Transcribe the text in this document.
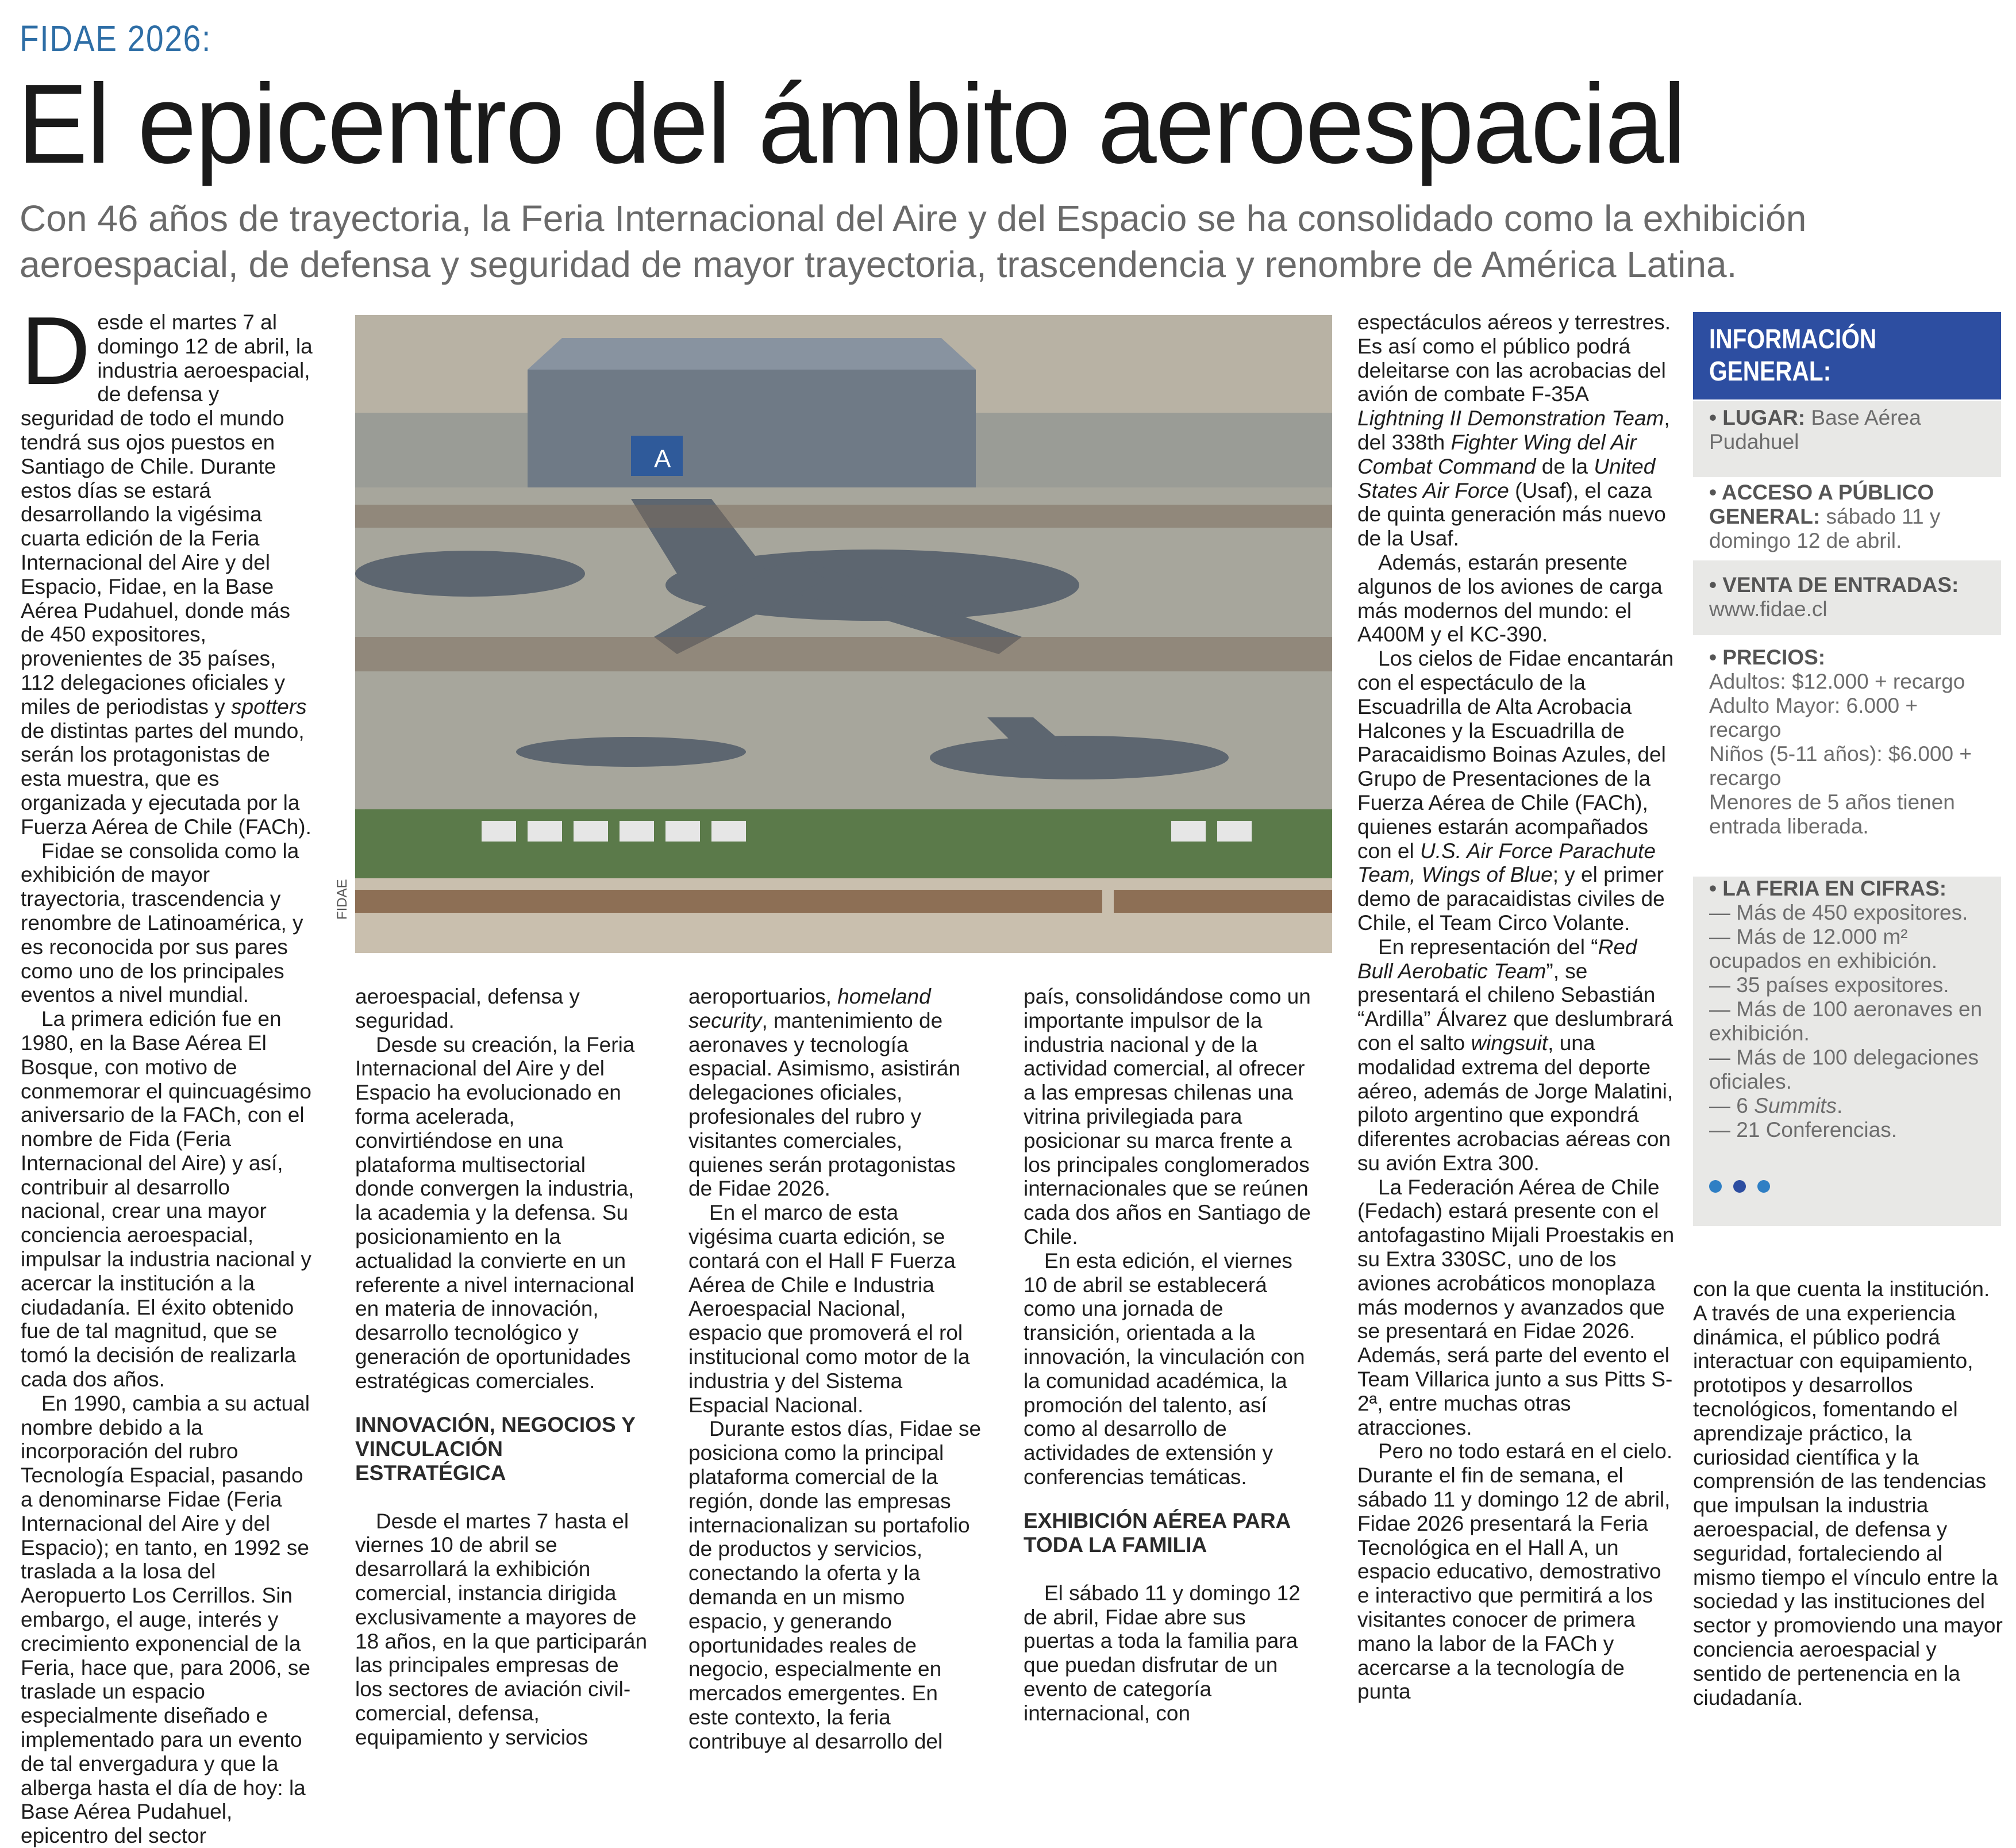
FIDAE 2026:
El epicentro del ámbito aeroespacial
Con 46 años de trayectoria, la Feria Internacional del Aire y del Espacio se ha consolidado como la exhibición aeroespacial, de defensa y seguridad de mayor trayectoria, trascendencia y renombre de América Latina.

Desde el martes 7 al domingo 12 de abril, la industria aeroespacial, de defensa y seguridad de todo el mundo tendrá sus ojos puestos en Santiago de Chile. Durante estos días se estará desarrollando la vigésima cuarta edición de la Feria Internacional del Aire y del Espacio, Fidae, en la Base Aérea Pudahuel, donde más de 450 expositores, provenientes de 35 países, 112 delegaciones oficiales y miles de periodistas y spotters de distintas partes del mundo, serán los protagonistas de esta muestra, que es organizada y ejecutada por la Fuerza Aérea de Chile (FACh).

Fidae se consolida como la exhibición de mayor trayectoria, trascendencia y renombre de Latinoamérica, y es reconocida por sus pares como uno de los principales eventos a nivel mundial.

La primera edición fue en 1980, en la Base Aérea El Bosque, con motivo de conmemorar el quincuagésimo aniversario de la FACh, con el nombre de Fida (Feria Internacional del Aire) y así, contribuir al desarrollo nacional, crear una mayor conciencia aeroespacial, impulsar la industria nacional y acercar la institución a la ciudadanía. El éxito obtenido fue de tal magnitud, que se tomó la decisión de realizarla cada dos años.

En 1990, cambia a su actual nombre debido a la incorporación del rubro Tecnología Espacial, pasando a denominarse Fidae (Feria Internacional del Aire y del Espacio); en tanto, en 1992 se traslada a la losa del Aeropuerto Los Cerrillos. Sin embargo, el auge, interés y crecimiento exponencial de la Feria, hace que, para 2006, se traslade un espacio especialmente diseñado e implementado para un evento de tal envergadura y que la alberga hasta el día de hoy: la Base Aérea Pudahuel, epicentro del sector

A
FIDAE

aeroespacial, defensa y seguridad.

Desde su creación, la Feria Internacional del Aire y del Espacio ha evolucionado en forma acelerada, convirtiéndose en una plataforma multisectorial donde convergen la industria, la academia y la defensa. Su posicionamiento en la actualidad la convierte en un referente a nivel internacional en materia de innovación, desarrollo tecnológico y generación de oportunidades estratégicas comerciales.

INNOVACIÓN, NEGOCIOS Y VINCULACIÓN ESTRATÉGICA

Desde el martes 7 hasta el viernes 10 de abril se desarrollará la exhibición comercial, instancia dirigida exclusivamente a mayores de 18 años, en la que participarán las principales empresas de los sectores de aviación civil-comercial, defensa, equipamiento y servicios

aeroportuarios, homeland security, mantenimiento de aeronaves y tecnología espacial. Asimismo, asistirán delegaciones oficiales, profesionales del rubro y visitantes comerciales, quienes serán protagonistas de Fidae 2026.

En el marco de esta vigésima cuarta edición, se contará con el Hall F Fuerza Aérea de Chile e Industria Aeroespacial Nacional, espacio que promoverá el rol institucional como motor de la industria y del Sistema Espacial Nacional.

Durante estos días, Fidae se posiciona como la principal plataforma comercial de la región, donde las empresas internacionalizan su portafolio de productos y servicios, conectando la oferta y la demanda en un mismo espacio, y generando oportunidades reales de negocio, especialmente en mercados emergentes. En este contexto, la feria contribuye al desarrollo del

país, consolidándose como un importante impulsor de la industria nacional y de la actividad comercial, al ofrecer a las empresas chilenas una vitrina privilegiada para posicionar su marca frente a los principales conglomerados internacionales que se reúnen cada dos años en Santiago de Chile.

En esta edición, el viernes 10 de abril se establecerá como una jornada de transición, orientada a la innovación, la vinculación con la comunidad académica, la promoción del talento, así como al desarrollo de actividades de extensión y conferencias temáticas.

EXHIBICIÓN AÉREA PARA TODA LA FAMILIA

El sábado 11 y domingo 12 de abril, Fidae abre sus puertas a toda la familia para que puedan disfrutar de un evento de categoría internacional, con

espectáculos aéreos y terrestres. Es así como el público podrá deleitarse con las acrobacias del avión de combate F-35A Lightning II Demonstration Team, del 338th Fighter Wing del Air Combat Command de la United States Air Force (Usaf), el caza de quinta generación más nuevo de la Usaf.

Además, estarán presente algunos de los aviones de carga más modernos del mundo: el A400M y el KC-390.

Los cielos de Fidae encantarán con el espectáculo de la Escuadrilla de Alta Acrobacia Halcones y la Escuadrilla de Paracaidismo Boinas Azules, del Grupo de Presentaciones de la Fuerza Aérea de Chile (FACh), quienes estarán acompañados con el U.S. Air Force Parachute Team, Wings of Blue; y el primer demo de paracaidistas civiles de Chile, el Team Circo Volante.

En representación del “Red Bull Aerobatic Team”, se presentará el chileno Sebastián “Ardilla” Álvarez que deslumbrará con el salto wingsuit, una modalidad extrema del deporte aéreo, además de Jorge Malatini, piloto argentino que expondrá diferentes acrobacias aéreas con su avión Extra 300.

La Federación Aérea de Chile (Fedach) estará presente con el antofagastino Mijali Proestakis en su Extra 330SC, uno de los aviones acrobáticos monoplaza más modernos y avanzados que se presentará en Fidae 2026. Además, será parte del evento el Team Villarica junto a sus Pitts S-2ª, entre muchas otras atracciones.

Pero no todo estará en el cielo. Durante el fin de semana, el sábado 11 y domingo 12 de abril, Fidae 2026 presentará la Feria Tecnológica en el Hall A, un espacio educativo, demostrativo e interactivo que permitirá a los visitantes conocer de primera mano la labor de la FACh y acercarse a la tecnología de punta

INFORMACIÓN
GENERAL:
• LUGAR: Base Aérea Pudahuel
• ACCESO A PÚBLICO GENERAL: sábado 11 y domingo 12 de abril.
• VENTA DE ENTRADAS:
www.fidae.cl
• PRECIOS:
Adultos: $12.000 + recargo
Adulto Mayor: 6.000 + recargo
Niños (5-11 años): $6.000 + recargo
Menores de 5 años tienen entrada liberada.
• LA FERIA EN CIFRAS:
— Más de 450 expositores.
— Más de 12.000 m² ocupados en exhibición.
— 35 países expositores.
— Más de 100 aeronaves en exhibición.
— Más de 100 delegaciones oficiales.
— 6 Summits.
— 21 Conferencias.

con la que cuenta la institución. A través de una experiencia dinámica, el público podrá interactuar con equipamiento, prototipos y desarrollos tecnológicos, fomentando el aprendizaje práctico, la curiosidad científica y la comprensión de las tendencias que impulsan la industria aeroespacial, de defensa y seguridad, fortaleciendo al mismo tiempo el vínculo entre la sociedad y las instituciones del sector y promoviendo una mayor conciencia aeroespacial y sentido de pertenencia en la ciudadanía.
